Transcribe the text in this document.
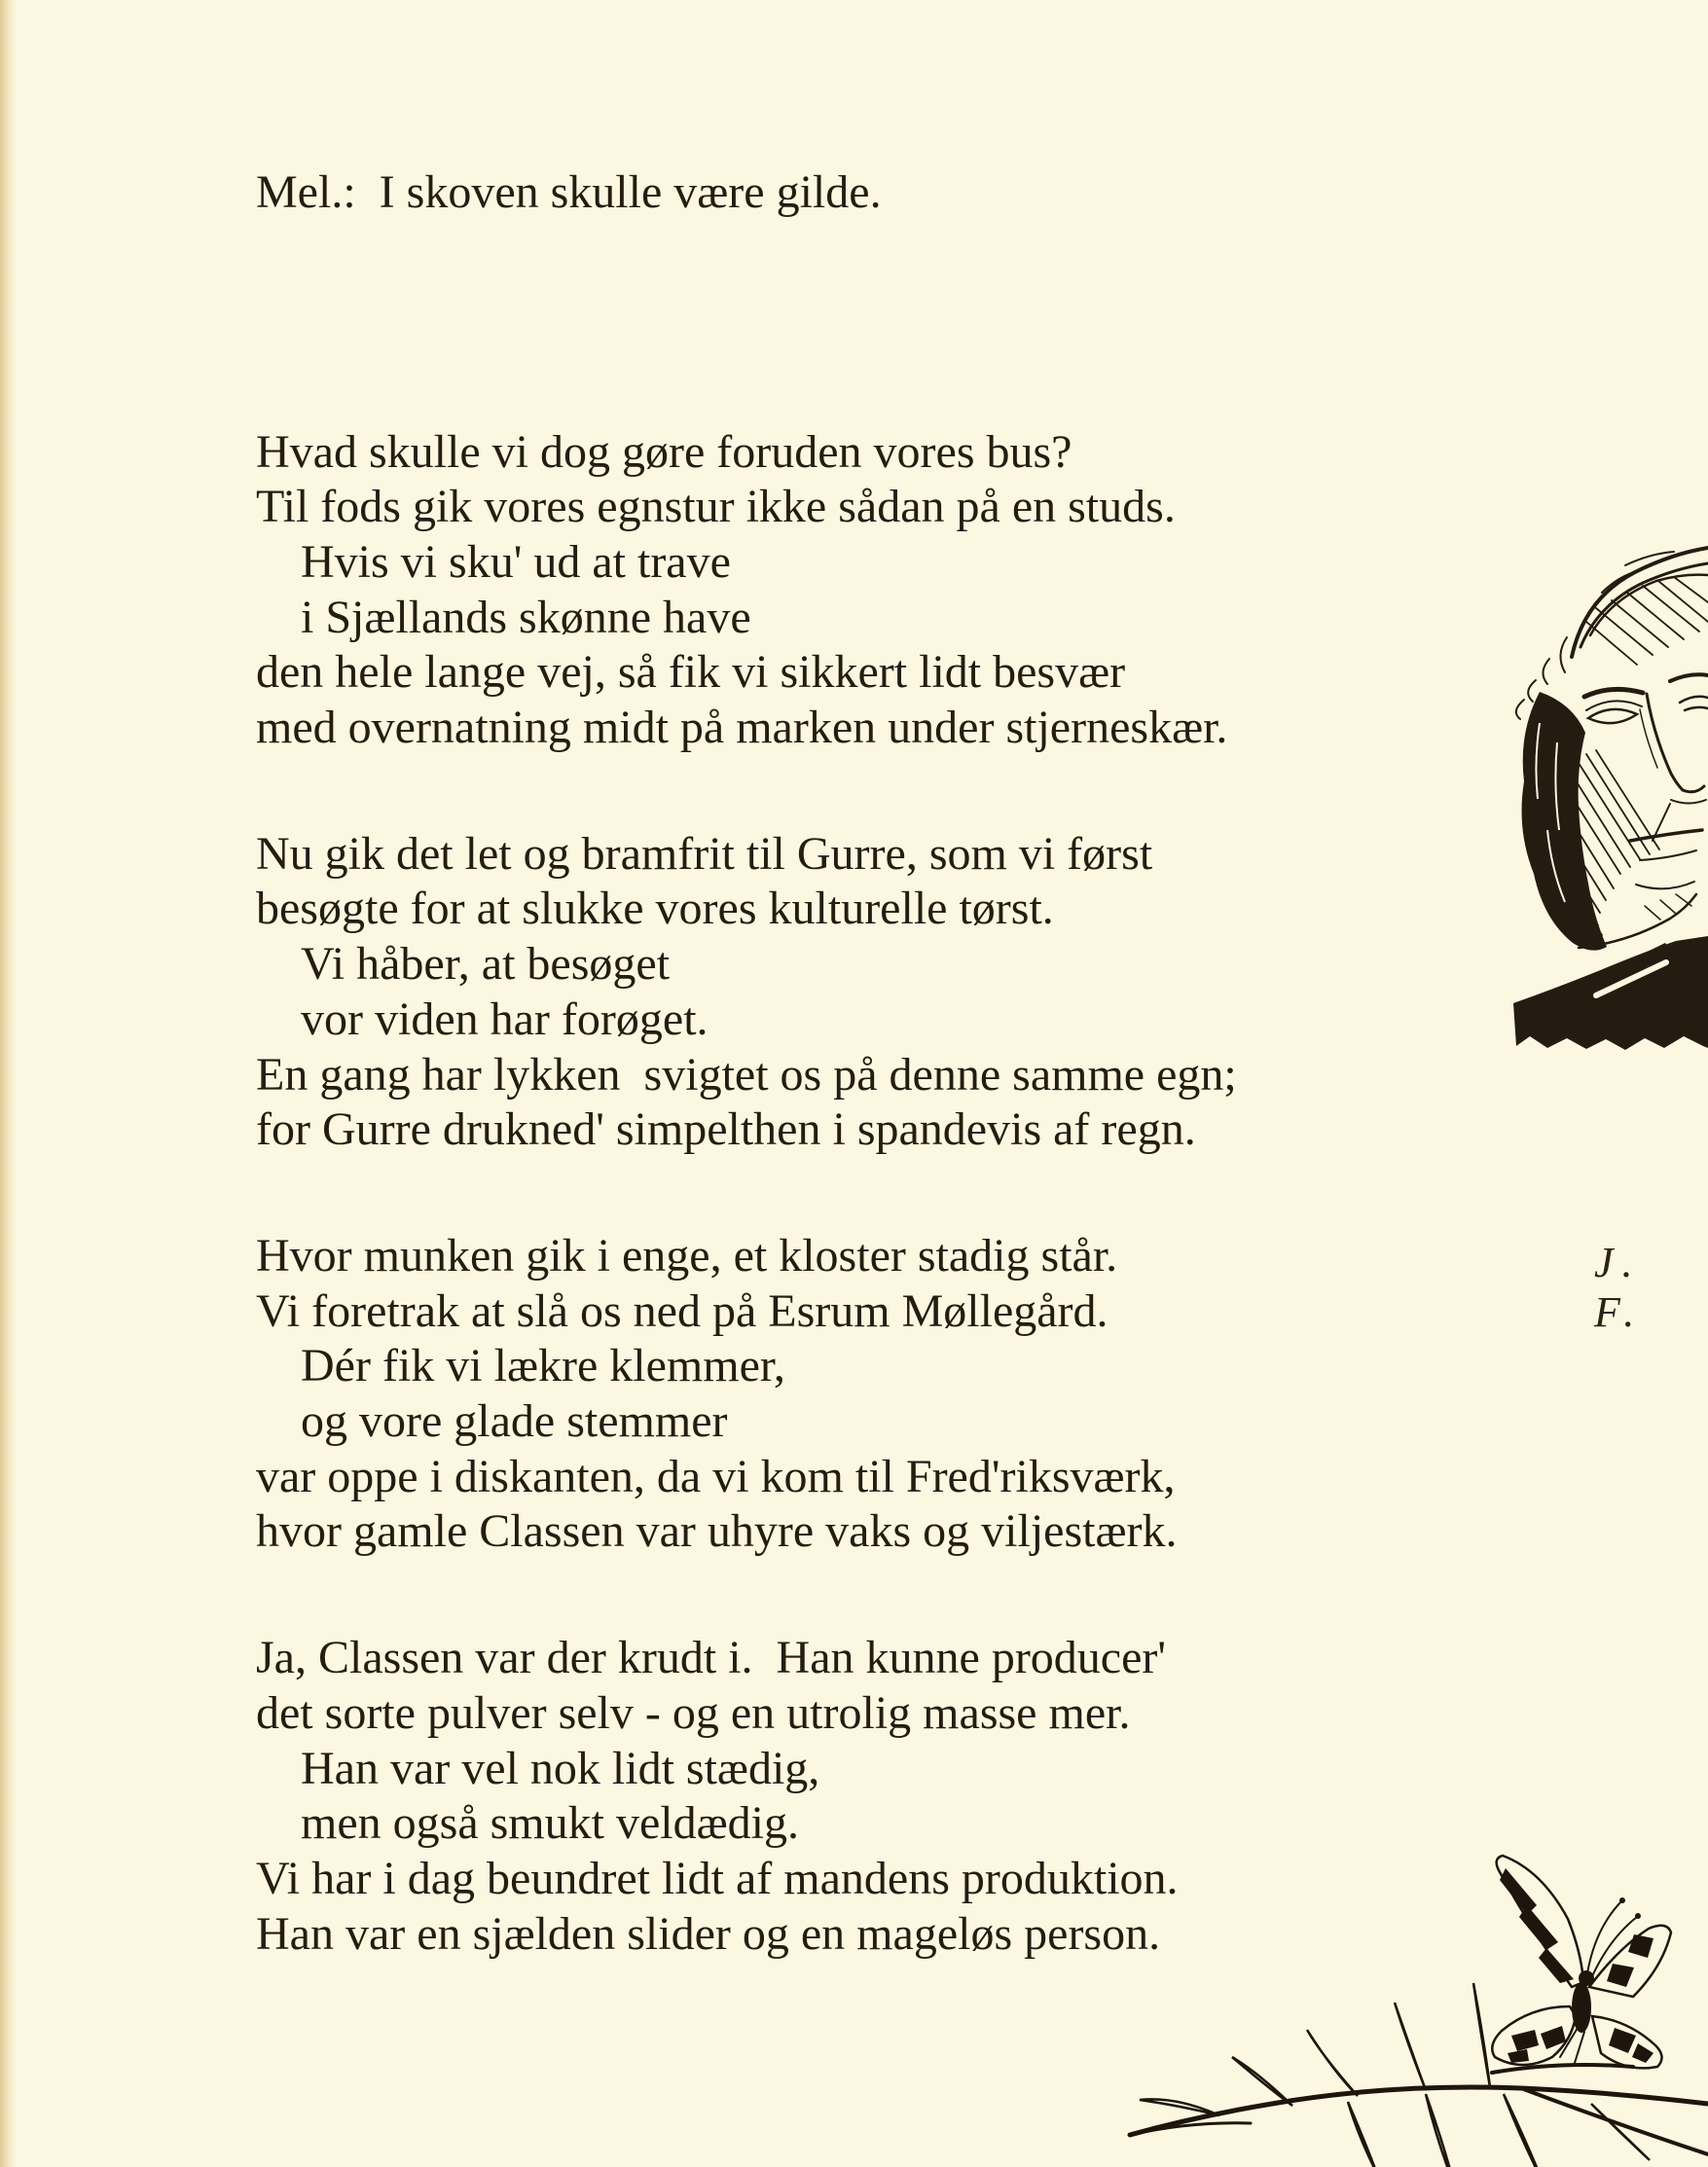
Mel.:  I skoven skulle være gilde.

Hvad skulle vi dog gøre foruden vores bus?
Til fods gik vores egnstur ikke sådan på en studs.
Hvis vi sku' ud at trave
i Sjællands skønne have
den hele lange vej, så fik vi sikkert lidt besvær
med overnatning midt på marken under stjerneskær.
Nu gik det let og bramfrit til Gurre, som vi først
besøgte for at slukke vores kulturelle tørst.
Vi håber, at besøget
vor viden har forøget.
En gang har lykken  svigtet os på denne samme egn;
for Gurre drukned' simpelthen i spandevis af regn.
Hvor munken gik i enge, et kloster stadig står.
Vi foretrak at slå os ned på Esrum Møllegård.
Dér fik vi lækre klemmer,
og vore glade stemmer
var oppe i diskanten, da vi kom til Fred'riksværk,
hvor gamle Classen var uhyre vaks og viljestærk.
Ja, Classen var der krudt i.  Han kunne producer'
det sorte pulver selv - og en utrolig masse mer.
Han var vel nok lidt stædig,
men også smukt veldædig.
Vi har i dag beundret lidt af mandens produktion.
Han var en sjælden slider og en mageløs person.

J. F.
